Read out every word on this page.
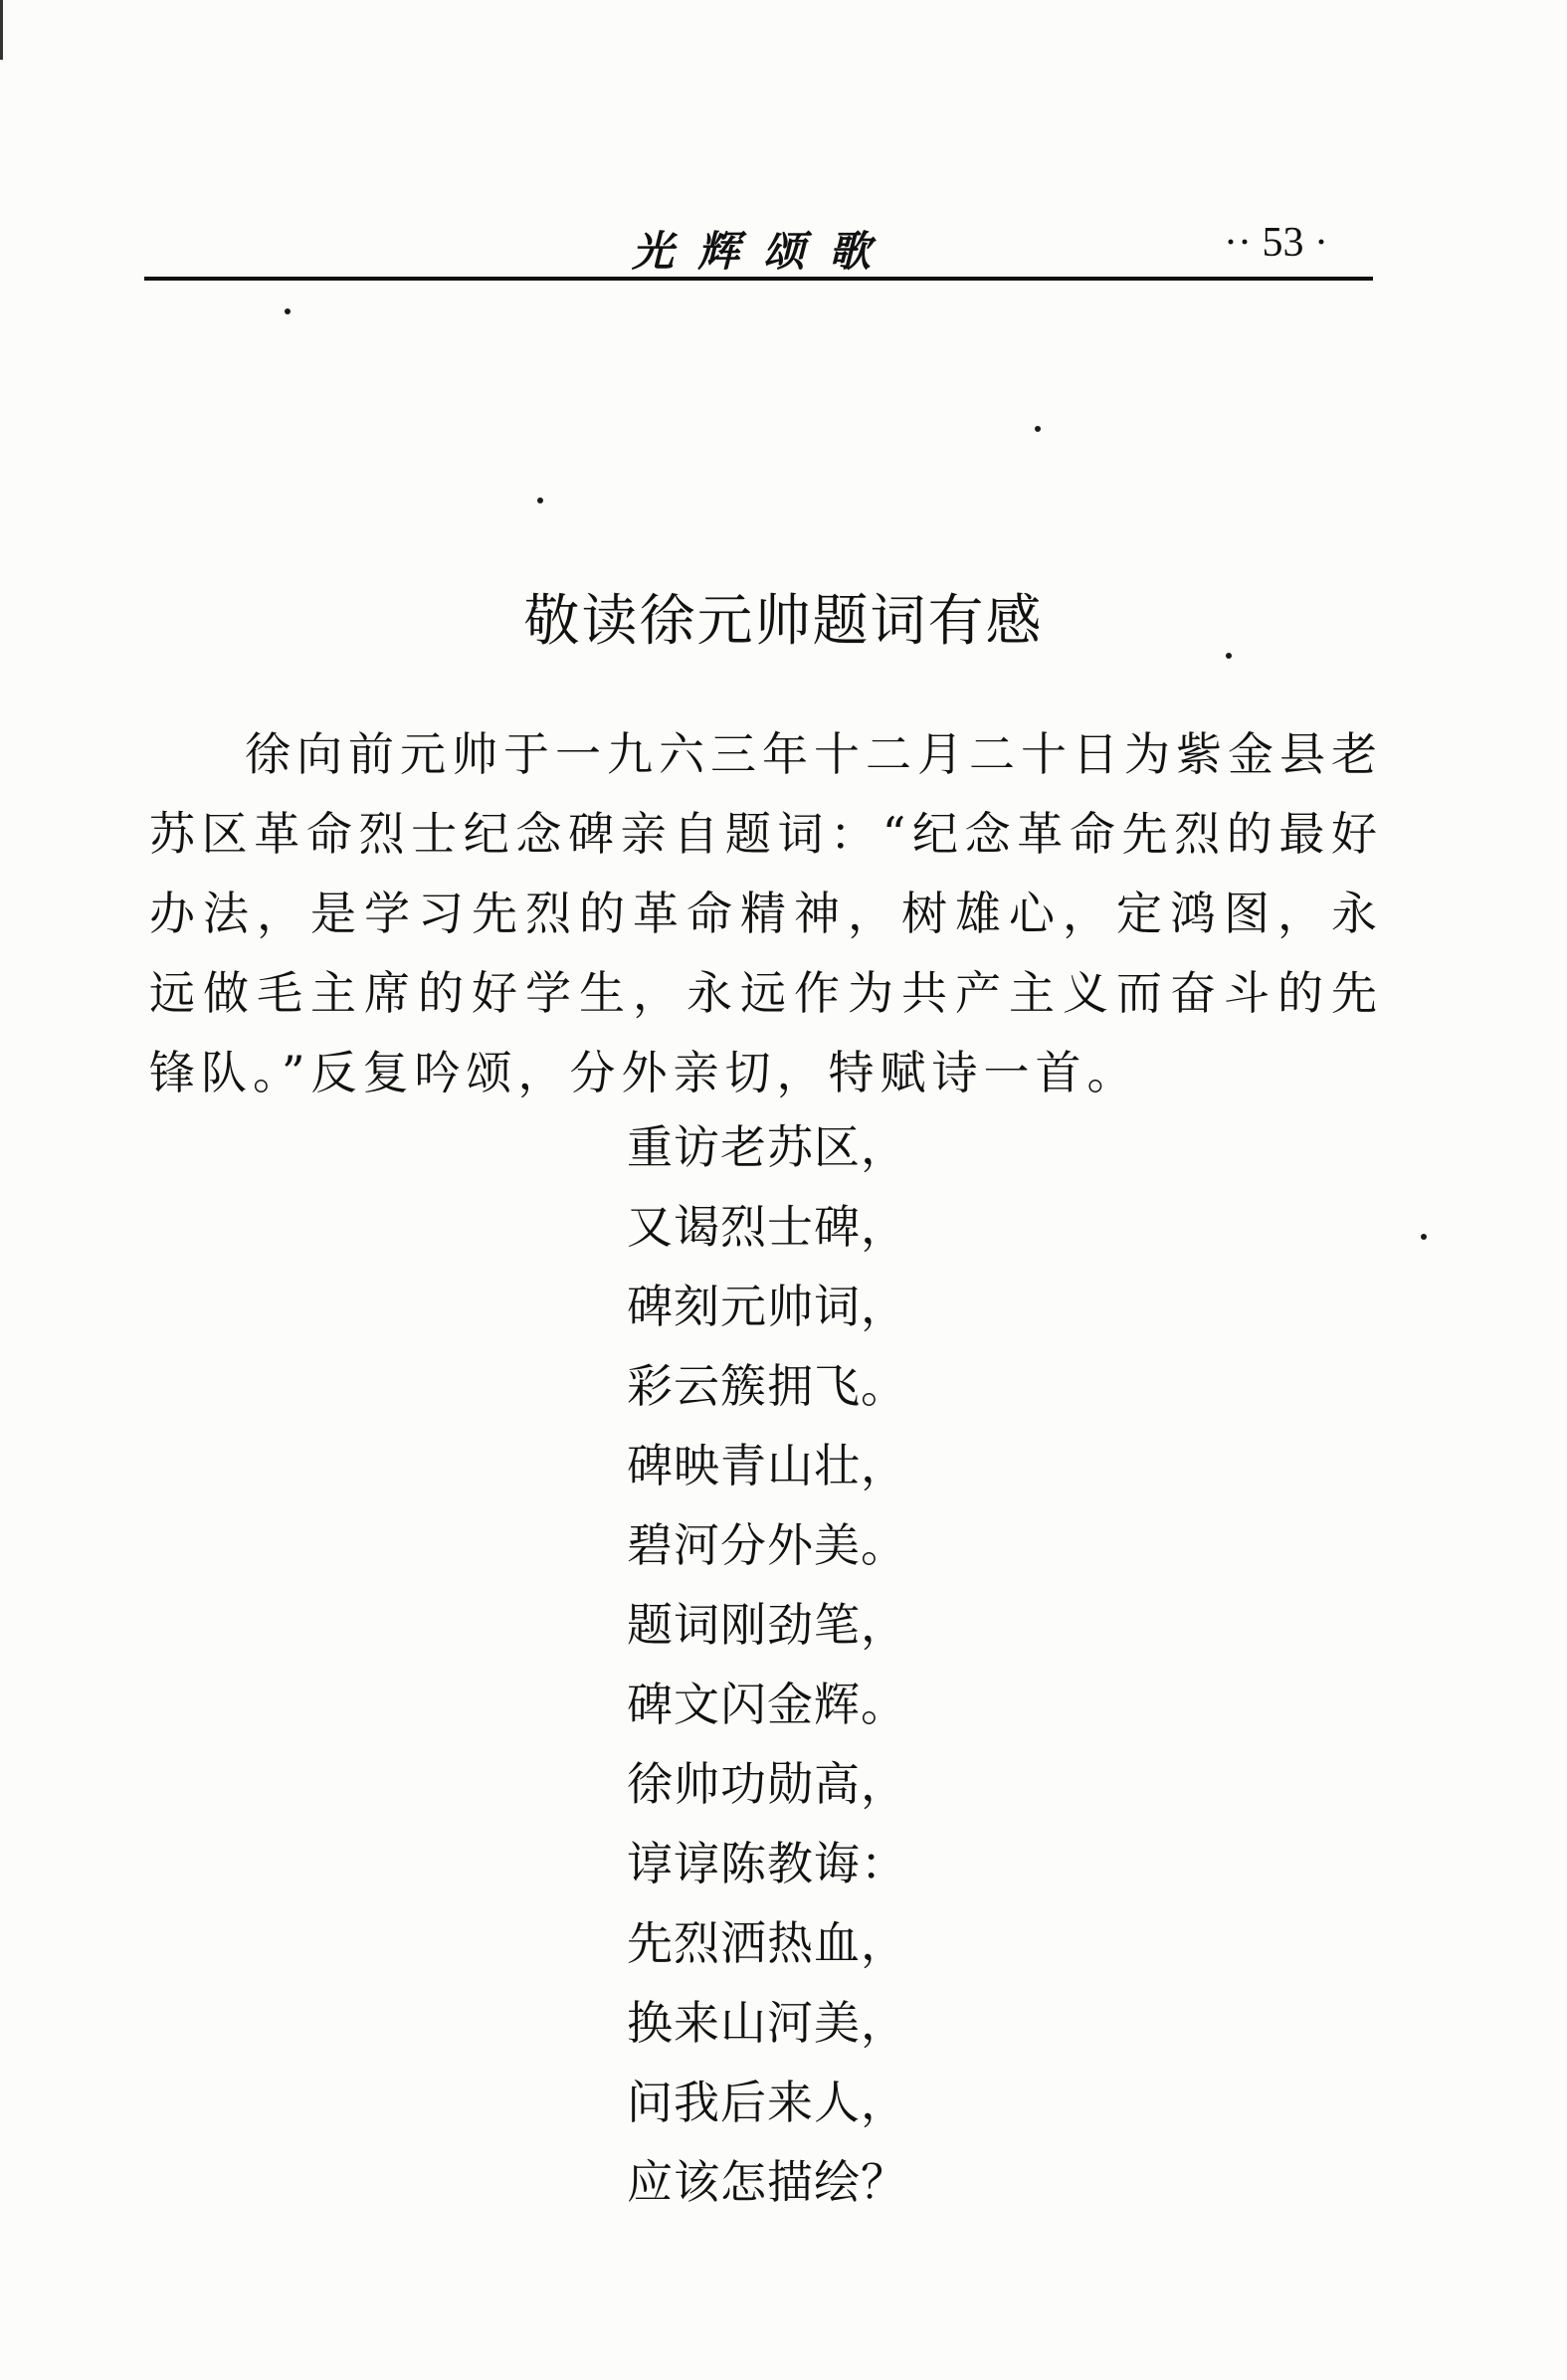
光辉颂歌	·· 53 ·
敬读徐元帅题词有感

徐向前元帅于一九六三年十二月二十日为紫金县老苏区革命烈士纪念碑亲自题词：“纪念革命先烈的最好办法，是学习先烈的革命精神，树雄心，定鸿图，永远做毛主席的好学生，永远作为共产主义而奋斗的先锋队。”反复吟颂，分外亲切，特赋诗一首。

重访老苏区，
又谒烈士碑，
碑刻元帅词，
彩云簇拥飞。
碑映青山壮，
碧河分外美。
题词刚劲笔，
碑文闪金辉。
徐帅功勋高，
谆谆陈教诲：
先烈洒热血，
换来山河美，
问我后来人，
应该怎描绘？
